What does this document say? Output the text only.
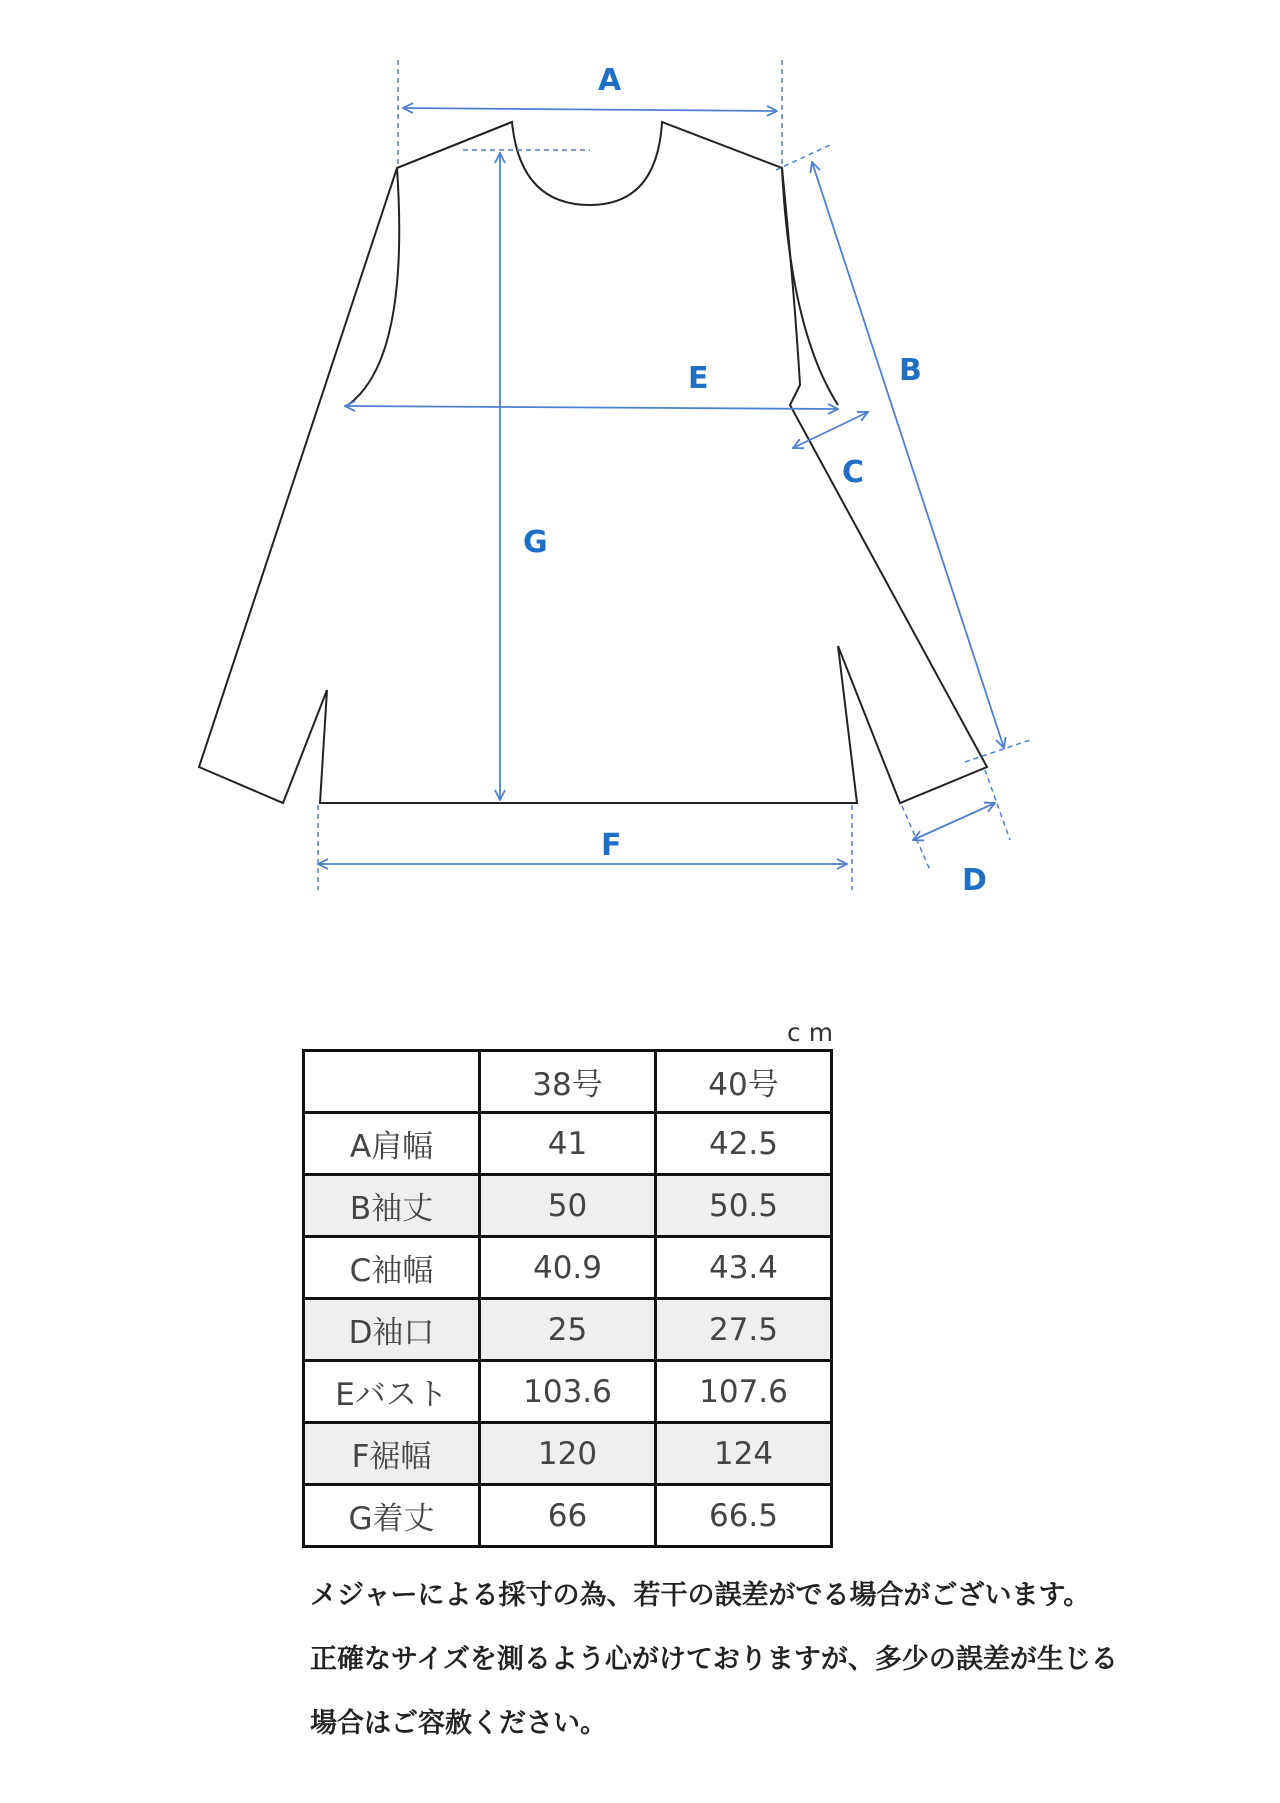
A
B
C
D
E
F
G
cm
	38号	40号
A肩幅	41	42.5
B袖丈	50	50.5
C袖幅	40.9	43.4
D袖口	25	27.5
Eバスト	103.6	107.6
F裾幅	120	124
G着丈	66	66.5

メジャーによる採寸の為、若干の誤差がでる場合がございます。

正確なサイズを測るよう心がけておりますが、多少の誤差が生じる

場合はご容赦ください。
